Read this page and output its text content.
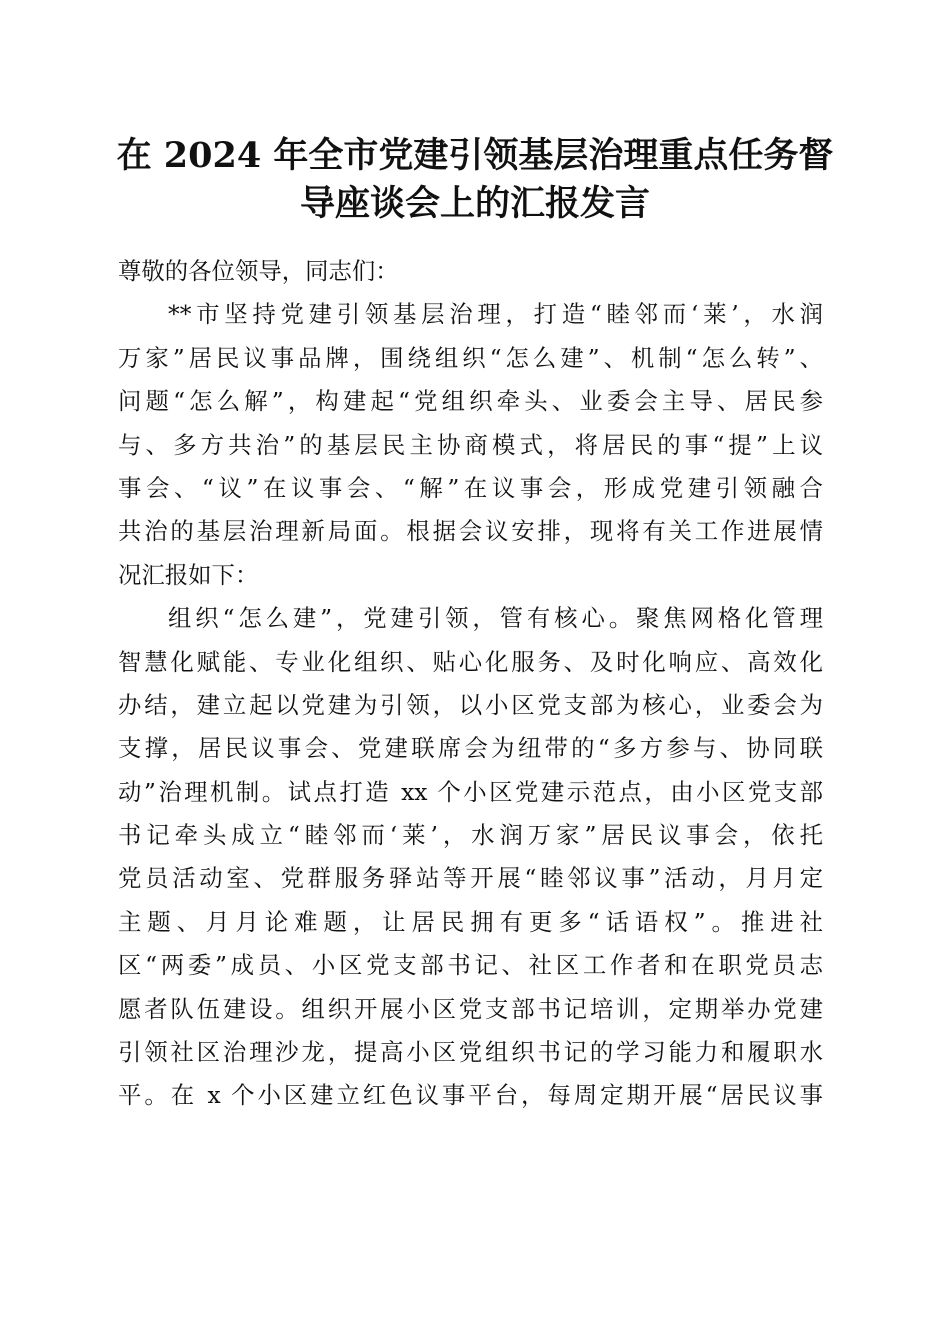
在 2024 年全市党建引领基层治理重点任务督
导座谈会上的汇报发言
尊敬的各位领导，同志们：
**市坚持党建引领基层治理，打造“睦邻而‘莱’，水润
万家”居民议事品牌，围绕组织“怎么建”、机制“怎么转”、
问题“怎么解”，构建起“党组织牵头、业委会主导、居民参
与、多方共治”的基层民主协商模式，将居民的事“提”上议
事会、“议”在议事会、“解”在议事会，形成党建引领融合
共治的基层治理新局面。根据会议安排，现将有关工作进展情
况汇报如下：
组织“怎么建”，党建引领，管有核心。聚焦网格化管理
智慧化赋能、专业化组织、贴心化服务、及时化响应、高效化
办结，建立起以党建为引领，以小区党支部为核心，业委会为
支撑，居民议事会、党建联席会为纽带的“多方参与、协同联
动”治理机制。试点打造 xx 个小区党建示范点，由小区党支部
书记牵头成立“睦邻而‘莱’，水润万家”居民议事会，依托
党员活动室、党群服务驿站等开展“睦邻议事”活动，月月定
主题、月月论难题，让居民拥有更多“话语权”。推进社
区“两委”成员、小区党支部书记、社区工作者和在职党员志
愿者队伍建设。组织开展小区党支部书记培训，定期举办党建
引领社区治理沙龙，提高小区党组织书记的学习能力和履职水
平。在 x 个小区建立红色议事平台，每周定期开展“居民议事
